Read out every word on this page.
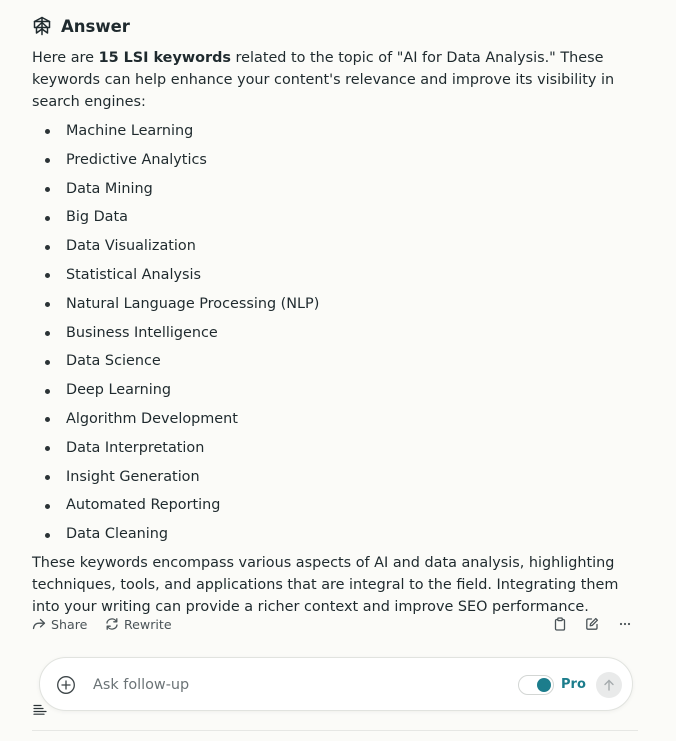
Answer

Here are 15 LSI keywords related to the topic of "AI for Data Analysis." These keywords can help enhance your content's relevance and improve its visibility in search engines:

Machine Learning
Predictive Analytics
Data Mining
Big Data
Data Visualization
Statistical Analysis
Natural Language Processing (NLP)
Business Intelligence
Data Science
Deep Learning
Algorithm Development
Data Interpretation
Insight Generation
Automated Reporting
Data Cleaning

These keywords encompass various aspects of AI and data analysis, highlighting techniques, tools, and applications that are integral to the field. Integrating them into your writing can provide a richer context and improve SEO performance.

Share	Rewrite
Ask follow-up
Pro
